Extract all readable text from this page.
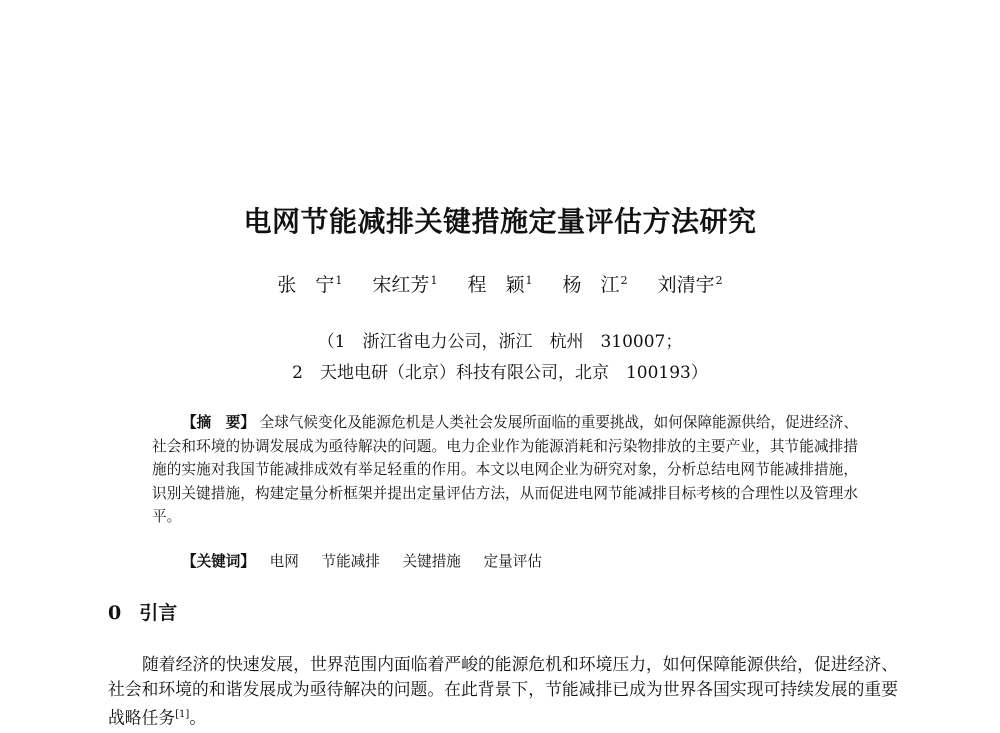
电网节能减排关键措施定量评估方法研究
张　宁$^1$ 宋红芳$^1$ 程　颖$^1$ 杨　江$^2$ 刘清宇$^2$
（1　浙江省电力公司，浙江　杭州　310007；
2　天地电研（北京）科技有限公司，北京　100193）

【摘　要】 全球气候变化及能源危机是人类社会发展所面临的重要挑战，如何保障能源供给，促进经济、社会和环境的协调发展成为亟待解决的问题。电力企业作为能源消耗和污染物排放的主要产业，其节能减排措施的实施对我国节能减排成效有举足轻重的作用。本文以电网企业为研究对象，分析总结电网节能减排措施，识别关键措施，构建定量分析框架并提出定量评估方法，从而促进电网节能减排目标考核的合理性以及管理水平。

【关键词】 电网 节能减排 关键措施 定量评估
0 引言

随着经济的快速发展，世界范围内面临着严峻的能源危机和环境压力，如何保障能源供给，促进经济、社会和环境的和谐发展成为亟待解决的问题。在此背景下，节能减排已成为世界各国实现可持续发展的重要战略任务[1]。
